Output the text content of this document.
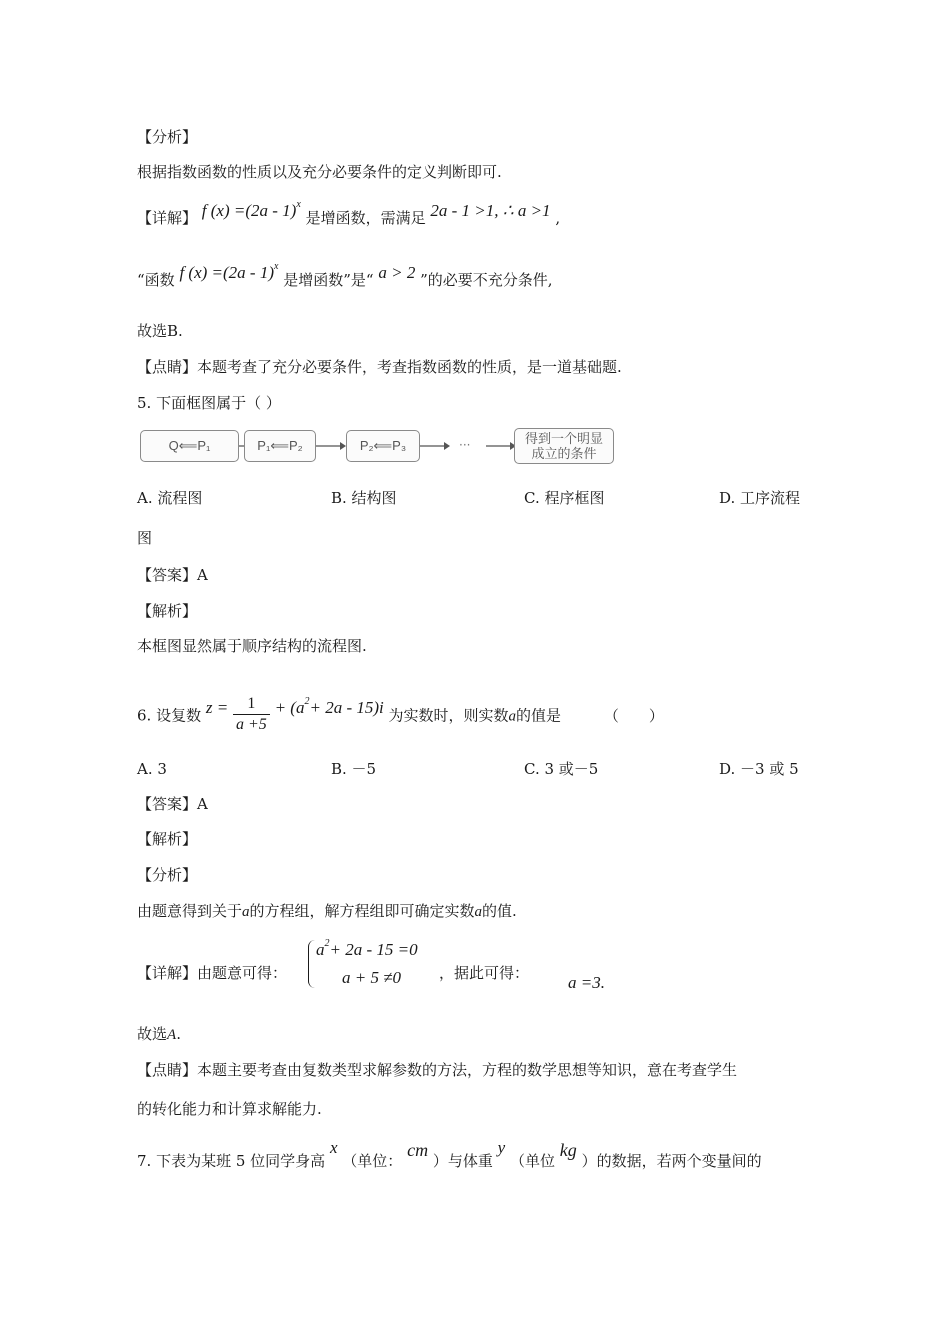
【分析】
根据指数函数的性质以及充分必要条件的定义判断即可.
【详解】 f (x) =(2a - 1)$^x$ 是增函数，需满足 2a - 1 >1, ∴ a >1 ,
“函数 f (x) =(2a - 1)$^x$ 是增函数”是“ a > 2 ”的必要不充分条件,
故选B.
【点睛】本题考查了充分必要条件，考查指数函数的性质，是一道基础题.
5. 下面框图属于（ ）
Q⟸P₁	P₁⟸P₂	P₂⟸P₃	···	得到一个明显
成立的条件
A. 流程图	B. 结构图	C. 程序框图	D. 工序流程
图
【答案】A
【解析】
本框图显然属于顺序结构的流程图.
6. 设复数 $z = \frac{1}{a +5} + (a^2+ 2a - 15)i$ 为实数时，则实数a的值是	（　　）
A. 3	B. －5	C. 3 或－5	D. －3 或 5
【答案】A
【解析】
【分析】
由题意得到关于a的方程组，解方程组即可确定实数a的值.
【详解】由题意可得：
$a^2+ 2a - 15 =0$
a + 5 ≠0	，据此可得： a =3.
故选A.
【点睛】本题主要考查由复数类型求解参数的方法，方程的数学思想等知识，意在考查学生
的转化能力和计算求解能力.
7. 下表为某班 5 位同学身高 x （单位： cm ）与体重 y （单位 kg ）的数据，若两个变量间的
